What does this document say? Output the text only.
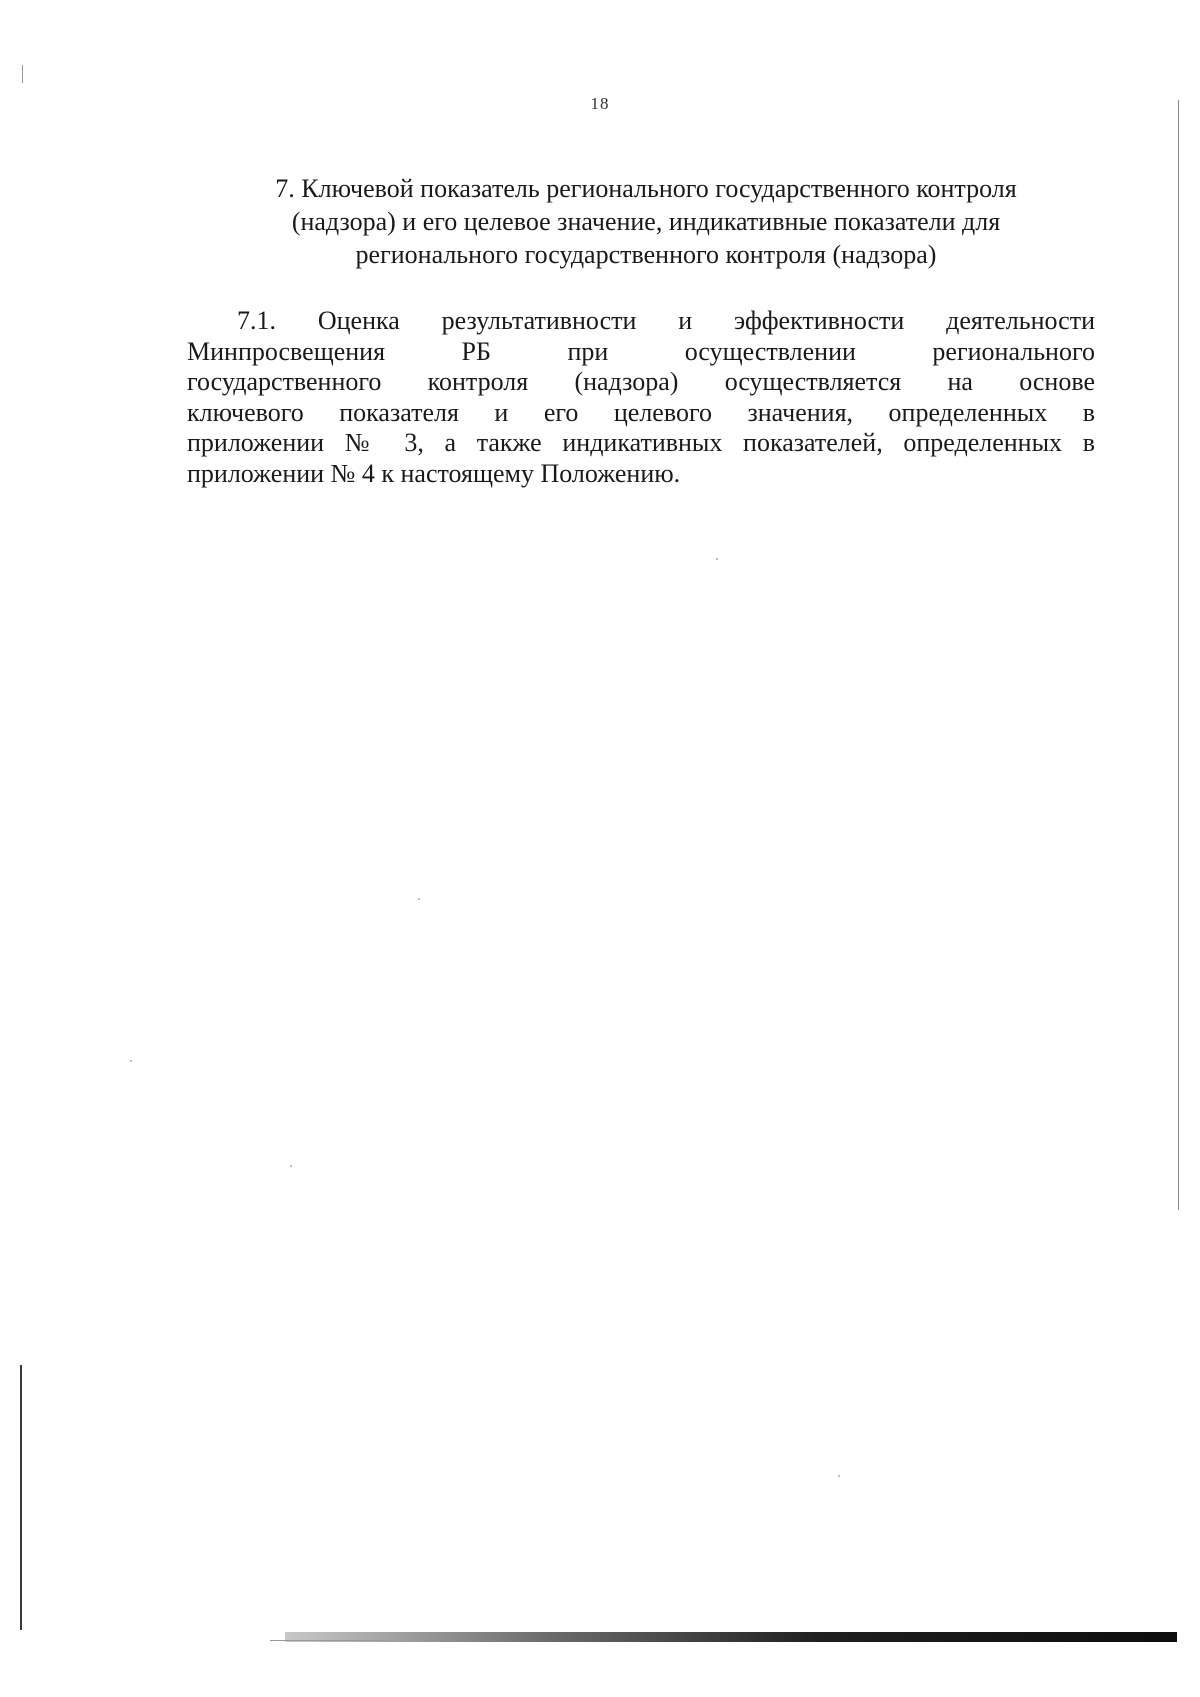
18
7. Ключевой показатель регионального государственного контроля
(надзора) и его целевое значение, индикативные показатели для
регионального государственного контроля (надзора)
7.1. Оценка результативности и эффективности деятельности
Минпросвещения РБ при осуществлении регионального
государственного контроля (надзора) осуществляется на основе
ключевого показателя и его целевого значения, определенных в
приложении № 3, а также индикативных показателей, определенных в
приложении № 4 к настоящему Положению.
